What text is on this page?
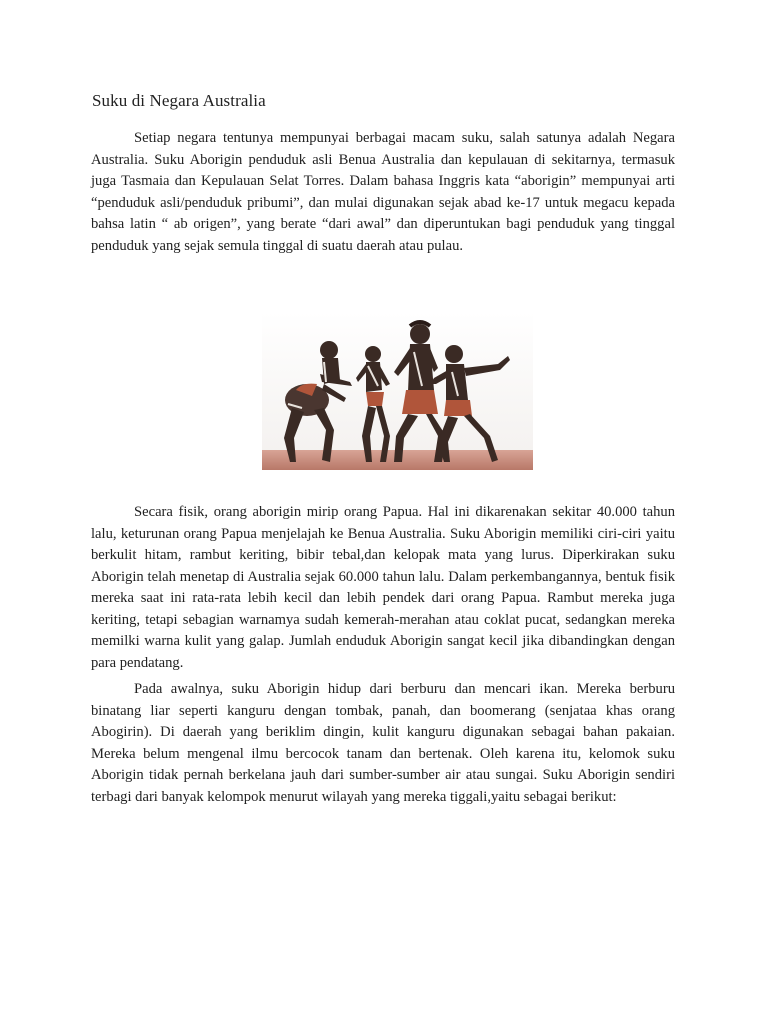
Suku di Negara Australia

Setiap negara tentunya mempunyai berbagai macam suku, salah satunya adalah Negara Australia. Suku Aborigin penduduk asli Benua Australia dan kepulauan di sekitarnya, termasuk juga Tasmaia dan Kepulauan Selat Torres. Dalam bahasa Inggris kata “aborigin” mempunyai arti “penduduk asli/penduduk pribumi”, dan mulai digunakan sejak abad ke-17 untuk megacu kepada bahsa latin “ ab origen”, yang berate “dari awal” dan diperuntukan bagi penduduk yang tinggal penduduk yang sejak semula tinggal di suatu daerah atau pulau.

Secara fisik, orang aborigin mirip orang Papua. Hal ini dikarenakan sekitar 40.000 tahun lalu, keturunan orang Papua menjelajah ke Benua Australia. Suku Aborigin memiliki ciri-ciri yaitu berkulit hitam, rambut keriting, bibir tebal,dan kelopak mata yang lurus. Diperkirakan suku Aborigin telah menetap di Australia sejak 60.000 tahun lalu. Dalam perkembangannya, bentuk fisik mereka saat ini rata-rata lebih kecil dan lebih pendek dari orang Papua. Rambut mereka juga keriting, tetapi sebagian warnamya sudah kemerah-merahan atau coklat pucat, sedangkan mereka memilki warna kulit yang galap. Jumlah enduduk Aborigin sangat kecil jika dibandingkan dengan para pendatang.

Pada awalnya, suku Aborigin hidup dari berburu dan mencari ikan. Mereka berburu binatang liar seperti kanguru dengan tombak, panah, dan boomerang (senjataa khas orang Abogirin). Di daerah yang beriklim dingin, kulit kanguru digunakan sebagai bahan pakaian. Mereka belum mengenal ilmu bercocok tanam dan bertenak. Oleh karena itu, kelomok suku Aborigin tidak pernah berkelana jauh dari sumber-sumber air atau sungai. Suku Aborigin sendiri terbagi dari banyak kelompok menurut wilayah yang mereka tiggali,yaitu sebagai berikut:
